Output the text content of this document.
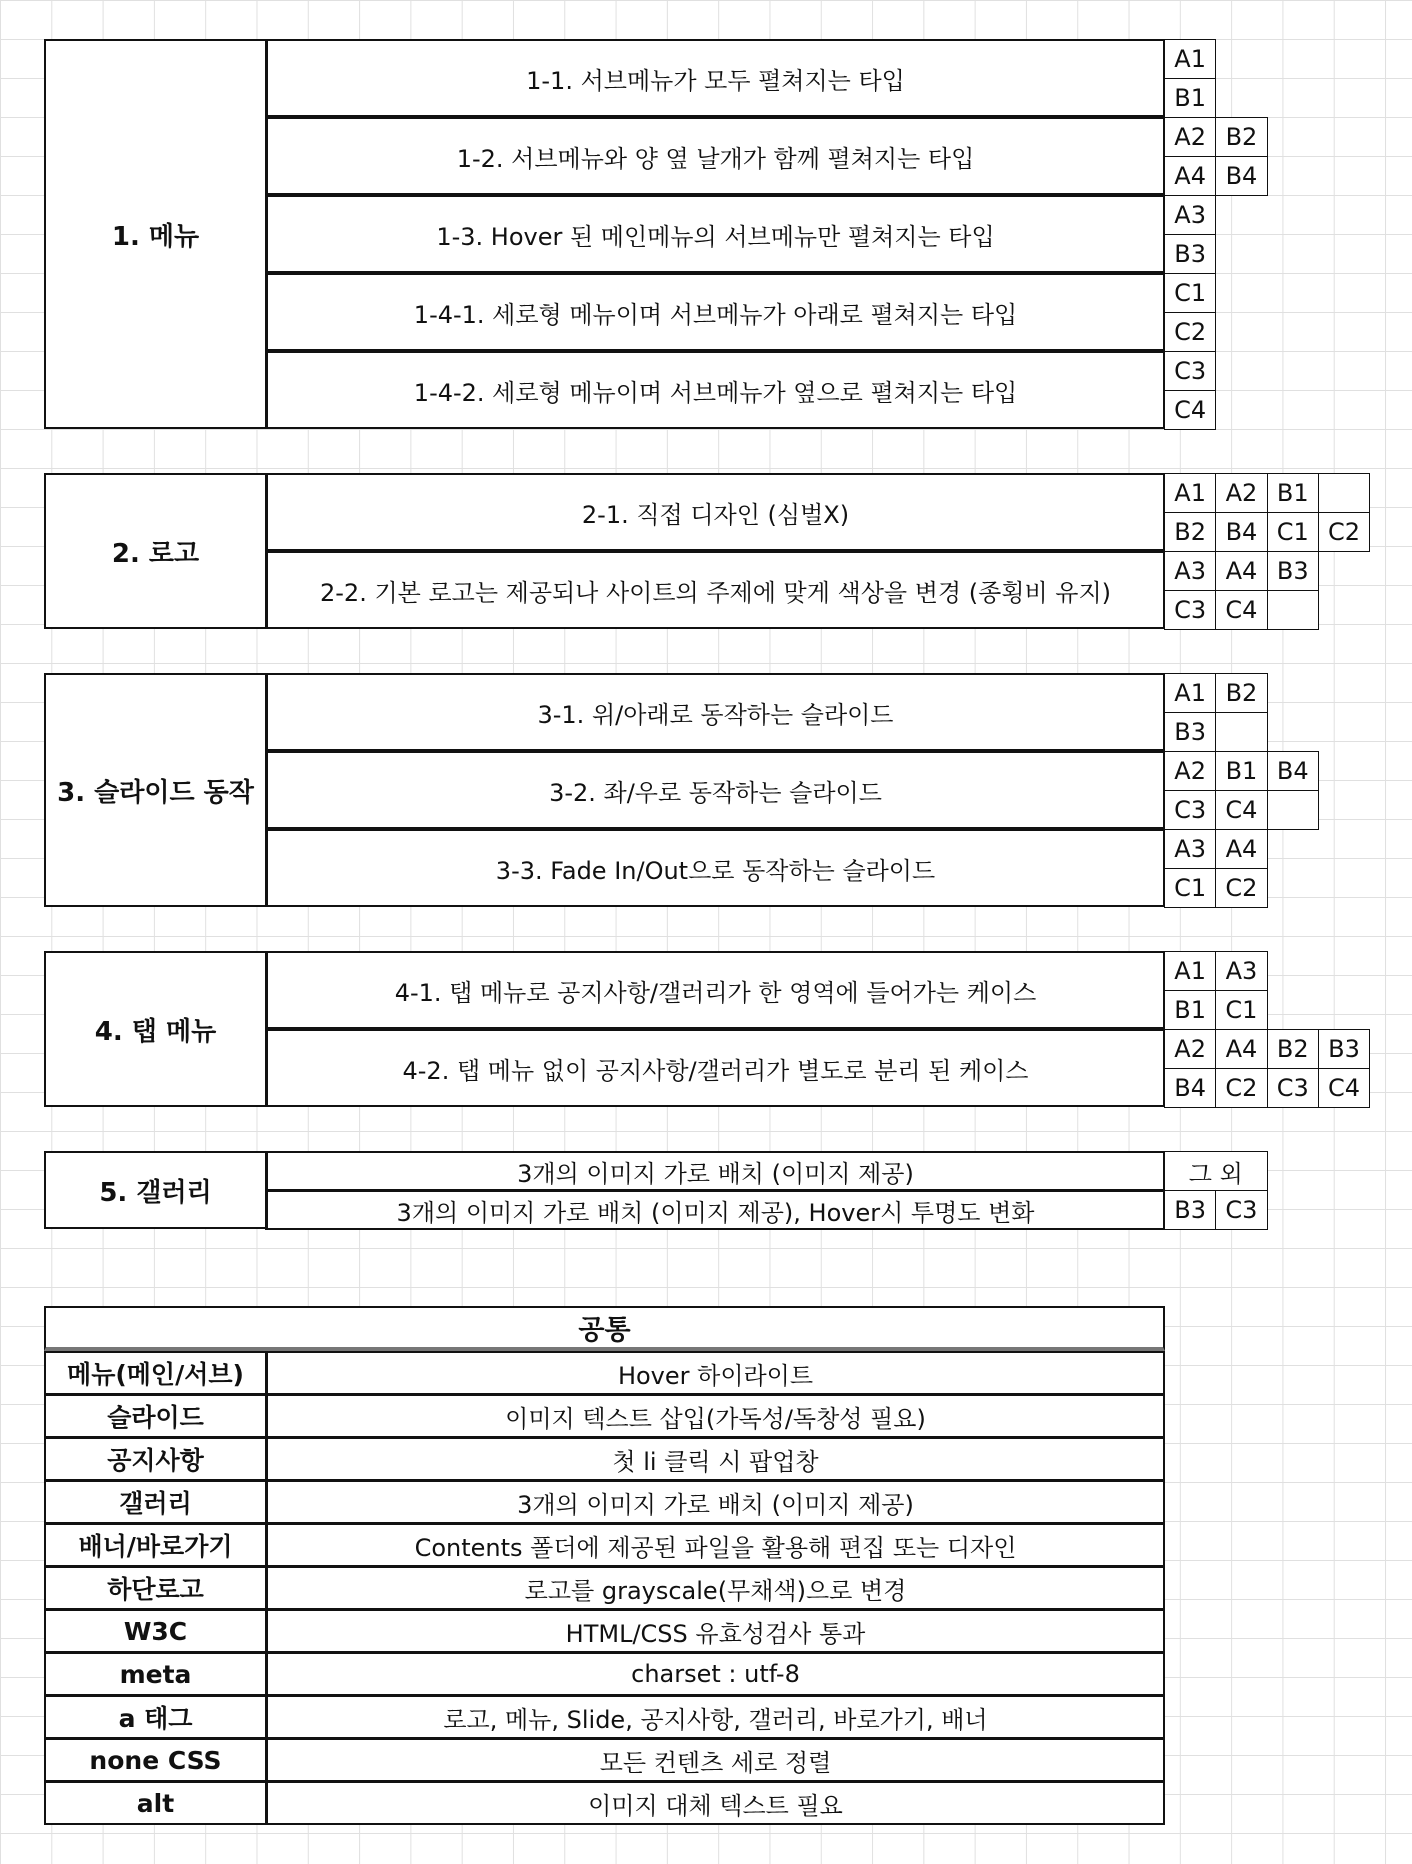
1. 메뉴
1-1. 서브메뉴가 모두 펼쳐지는 타입
A1
B1
1-2. 서브메뉴와 양 옆 날개가 함께 펼쳐지는 타입
A2 B2
A4 B4
1-3. Hover 된 메인메뉴의 서브메뉴만 펼쳐지는 타입
A3
B3
1-4-1. 세로형 메뉴이며 서브메뉴가 아래로 펼쳐지는 타입
C1
C2
1-4-2. 세로형 메뉴이며 서브메뉴가 옆으로 펼쳐지는 타입
C3
C4
2. 로고
2-1. 직접 디자인 (심벌X)
A1 A2 B1
B2 B4 C1 C2
2-2. 기본 로고는 제공되나 사이트의 주제에 맞게 색상을 변경 (종횡비 유지)
A3 A4 B3
C3 C4
3. 슬라이드 동작
3-1. 위/아래로 동작하는 슬라이드
A1 B2
B3
3-2. 좌/우로 동작하는 슬라이드
A2 B1 B4
C3 C4
3-3. Fade In/Out으로 동작하는 슬라이드
A3 A4
C1 C2
4. 탭 메뉴
4-1. 탭 메뉴로 공지사항/갤러리가 한 영역에 들어가는 케이스
A1 A3
B1 C1
4-2. 탭 메뉴 없이 공지사항/갤러리가 별도로 분리 된 케이스
A2 A4 B2 B3
B4 C2 C3 C4
5. 갤러리
3개의 이미지 가로 배치 (이미지 제공)	그 외
3개의 이미지 가로 배치 (이미지 제공), Hover시 투명도 변화	B3 C3
공통
메뉴(메인/서브)	Hover 하이라이트
슬라이드	이미지 텍스트 삽입(가독성/독창성 필요)
공지사항	첫 li 클릭 시 팝업창
갤러리	3개의 이미지 가로 배치 (이미지 제공)
배너/바로가기	Contents 폴더에 제공된 파일을 활용해 편집 또는 디자인
하단로고	로고를 grayscale(무채색)으로 변경
W3C	HTML/CSS 유효성검사 통과
meta	charset : utf-8
a 태그	로고, 메뉴, Slide, 공지사항, 갤러리, 바로가기, 배너
none CSS	모든 컨텐츠 세로 정렬
alt	이미지 대체 텍스트 필요
